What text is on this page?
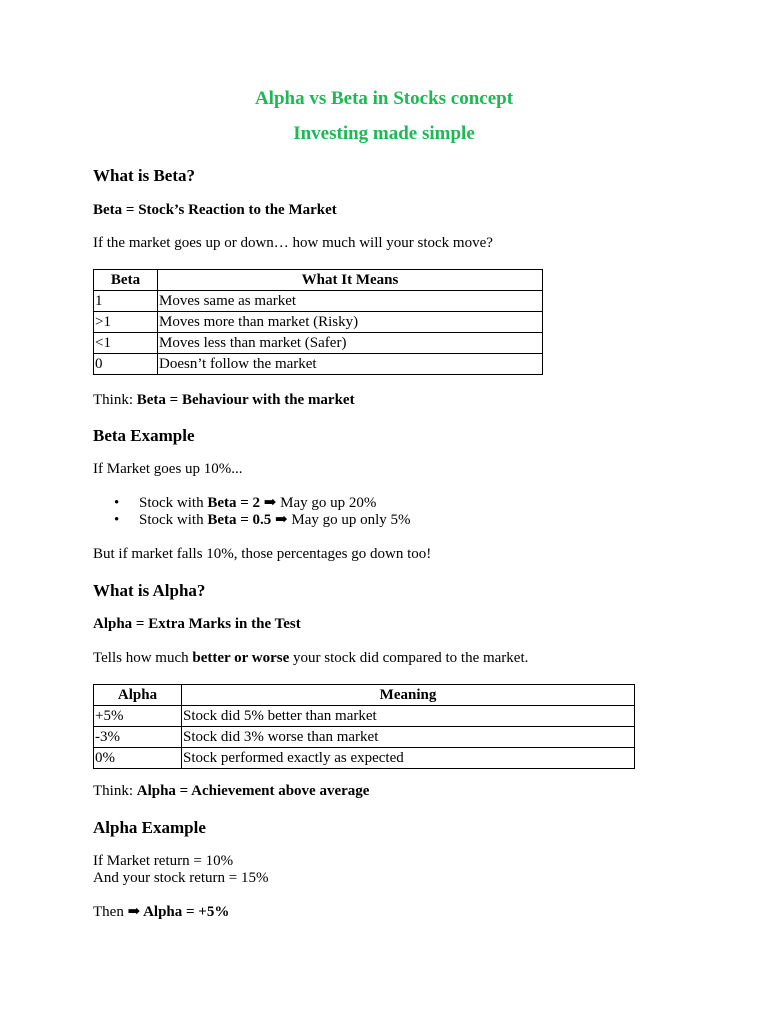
Alpha vs Beta in Stocks concept
Investing made simple
What is Beta?

Beta = Stock’s Reaction to the Market

If the market goes up or down… how much will your stock move?

Beta	What It Means
1	Moves same as market
>1	Moves more than market (Risky)
<1	Moves less than market (Safer)
0	Doesn’t follow the market

Think: Beta = Behaviour with the market

Beta Example

If Market goes up 10%...

• Stock with Beta = 2 ➡ May go up 20%
• Stock with Beta = 0.5 ➡ May go up only 5%

But if market falls 10%, those percentages go down too!

What is Alpha?

Alpha = Extra Marks in the Test

Tells how much better or worse your stock did compared to the market.

Alpha	Meaning
+5%	Stock did 5% better than market
-3%	Stock did 3% worse than market
0%	Stock performed exactly as expected

Think: Alpha = Achievement above average

Alpha Example

If Market return = 10%

And your stock return = 15%

Then ➡ Alpha = +5%
